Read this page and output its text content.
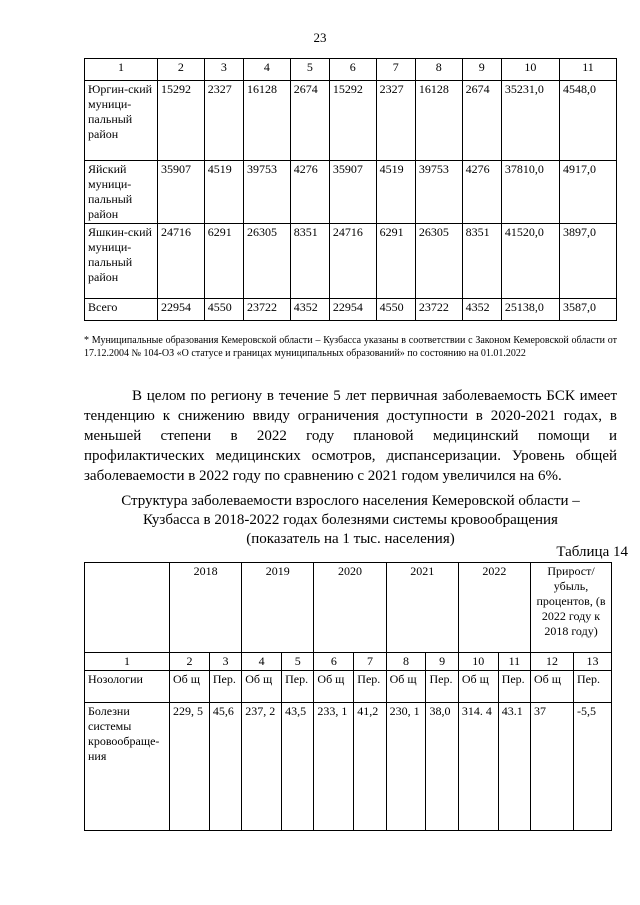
23
1	2	3	4	5	6	7	8	9	10	11
Юргин-ский муници-пальный район	15292	2327	16128	2674	15292	2327	16128	2674	35231,0	4548,0
Яйский муници-пальный район	35907	4519	39753	4276	35907	4519	39753	4276	37810,0	4917,0
Яшкин-ский муници-пальный район	24716	6291	26305	8351	24716	6291	26305	8351	41520,0	3897,0
Всего	22954	4550	23722	4352	22954	4550	23722	4352	25138,0	3587,0
* Муниципальные образования Кемеровской области – Кузбасса указаны в соответствии с Законом Кемеровской области от 17.12.2004 № 104-ОЗ «О статусе и границах муниципальных образований» по состоянию на 01.01.2022
В целом по региону в течение 5 лет первичная заболеваемость БСК имеет тенденцию к снижению ввиду ограничения доступности в 2020-2021 годах, в меньшей степени в 2022 году плановой медицинский помощи и профилактических медицинских осмотров, диспансеризации. Уровень общей заболеваемости в 2022 году по сравнению с 2021 годом увеличился на 6%.
Структура заболеваемости взрослого населения Кемеровской области –
Кузбасса в 2018-2022 годах болезнями системы кровообращения
(показатель на 1 тыс. населения)
Таблица 14
	2018		2019		2020		2021		2022		Прирост/ убыль, процентов, (в 2022 году к 2018 году)	
1	2	3	4	5	6	7	8	9	10	11	12	13
Нозологии	Об щ	Пер.	Об щ	Пер.	Об щ	Пер.	Об щ	Пер.	Об щ	Пер.	Об щ	Пер.
Болезни системы кровообраще-ния	229, 5	45,6	237, 2	43,5	233, 1	41,2	230, 1	38,0	314. 4	43.1	37	-5,5
